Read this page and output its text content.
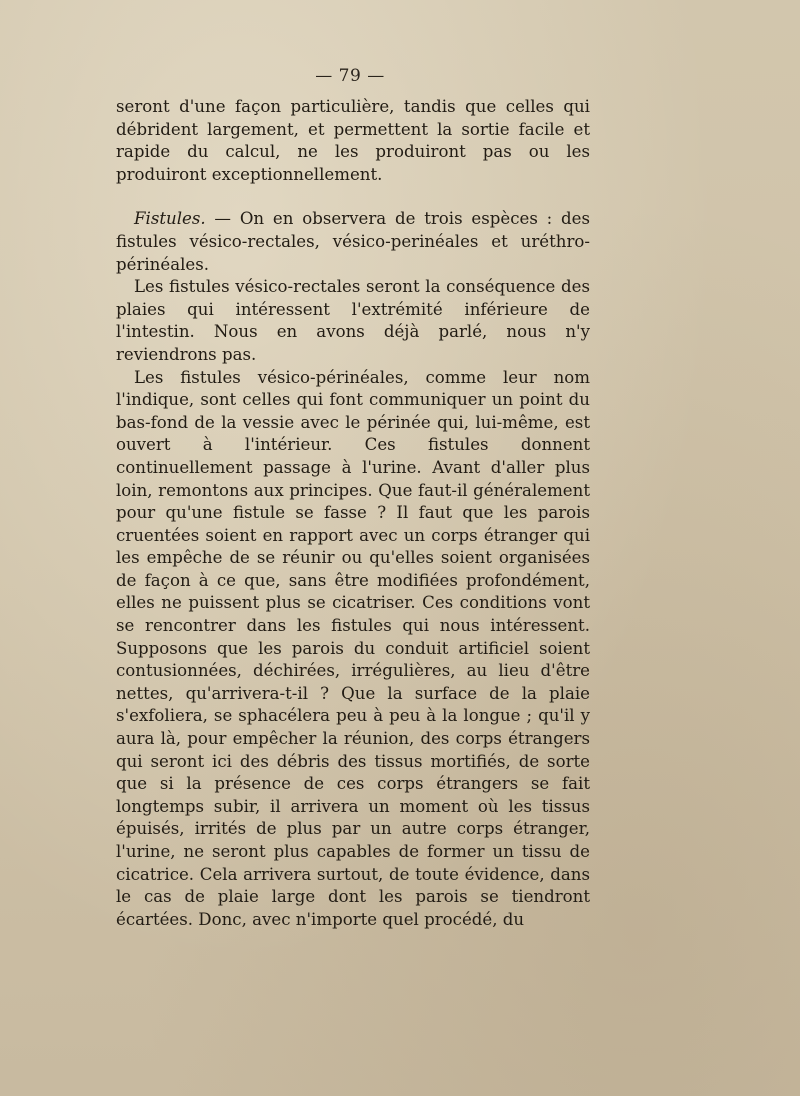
— 79 —

seront d'une façon particulière, tandis que celles qui débrident largement, et permettent la sortie facile et rapide du calcul, ne les produiront pas ou les produiront exceptionnellement.

Fistules. — On en observera de trois espèces : des fistules vésico-rectales, vésico-perinéales et uréthro-périnéales.

Les fistules vésico-rectales seront la conséquence des plaies qui intéressent l'extrémité inférieure de l'intestin. Nous en avons déjà parlé, nous n'y reviendrons pas.

Les fistules vésico-périnéales, comme leur nom l'indique, sont celles qui font communiquer un point du bas-fond de la vessie avec le périnée qui, lui-même, est ouvert à l'intérieur. Ces fistules donnent continuellement passage à l'urine. Avant d'aller plus loin, remontons aux principes. Que faut-il généralement pour qu'une fistule se fasse ? Il faut que les parois cruentées soient en rapport avec un corps étranger qui les empêche de se réunir ou qu'elles soient organisées de façon à ce que, sans être modifiées profondément, elles ne puissent plus se cicatriser. Ces conditions vont se rencontrer dans les fistules qui nous intéressent. Supposons que les parois du conduit artificiel soient contusionnées, déchirées, irrégulières, au lieu d'être nettes, qu'arrivera-t-il ? Que la surface de la plaie s'exfoliera, se sphacélera peu à peu à la longue ; qu'il y aura là, pour empêcher la réunion, des corps étrangers qui seront ici des débris des tissus mortifiés, de sorte que si la présence de ces corps étrangers se fait longtemps subir, il arrivera un moment où les tissus épuisés, irrités de plus par un autre corps étranger, l'urine, ne seront plus capables de former un tissu de cicatrice. Cela arrivera surtout, de toute évidence, dans le cas de plaie large dont les parois se tiendront écartées. Donc, avec n'importe quel procédé, du
